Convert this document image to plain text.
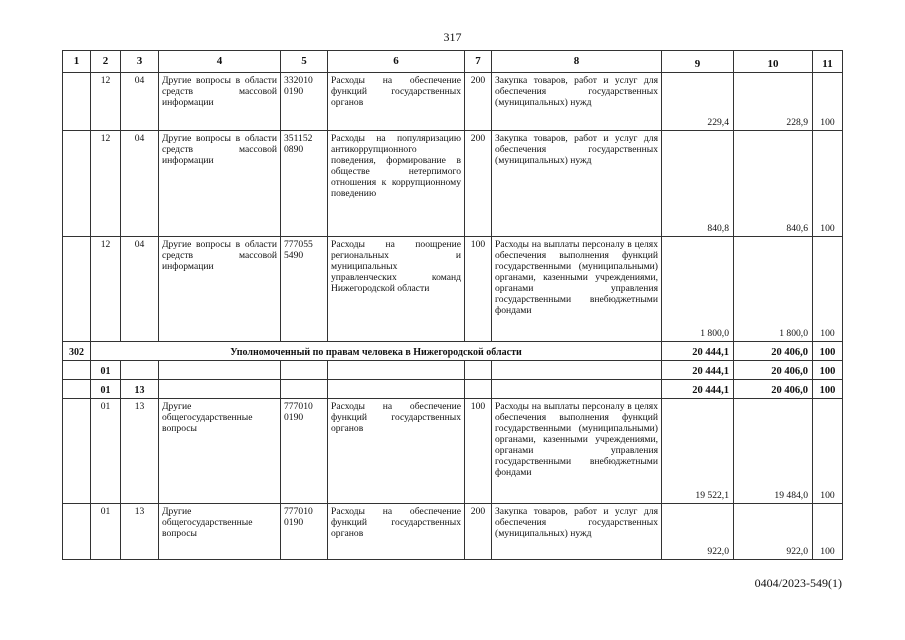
317
1	2	3	4	5	6	7	8	9	10	11
	12	04	Другие вопросы в области средств массовой информации	332010 0190	Расходы на обеспечение функций государственных органов	200	Закупка товаров, работ и услуг для обеспечения государственных (муниципальных) нужд	229,4	228,9	100
	12	04	Другие вопросы в области средств массовой информации	351152 0890	Расходы на популяризацию антикоррупционного поведения, формирование в обществе нетерпимого отношения к коррупционному поведению	200	Закупка товаров, работ и услуг для обеспечения государственных (муниципальных) нужд	840,8	840,6	100
	12	04	Другие вопросы в области средств массовой информации	777055 5490	Расходы на поощрение региональных и муниципальных управленческих команд Нижегородской области	100	Расходы на выплаты персоналу в целях обеспечения выполнения функций государственными (муниципальными) органами, казенными учреждениями, органами управления государственными внебюджетными фондами	1 800,0	1 800,0	100
302	Уполномоченный по правам человека в Нижегородской области							20 444,1	20 406,0	100
	01							20 444,1	20 406,0	100
	01	13						20 444,1	20 406,0	100
	01	13	Другие общегосударственные вопросы	777010 0190	Расходы на обеспечение функций государственных органов	100	Расходы на выплаты персоналу в целях обеспечения выполнения функций государственными (муниципальными) органами, казенными учреждениями, органами управления государственными внебюджетными фондами	19 522,1	19 484,0	100
	01	13	Другие общегосударственные вопросы	777010 0190	Расходы на обеспечение функций государственных органов	200	Закупка товаров, работ и услуг для обеспечения государственных (муниципальных) нужд	922,0	922,0	100
0404/2023-549(1)
